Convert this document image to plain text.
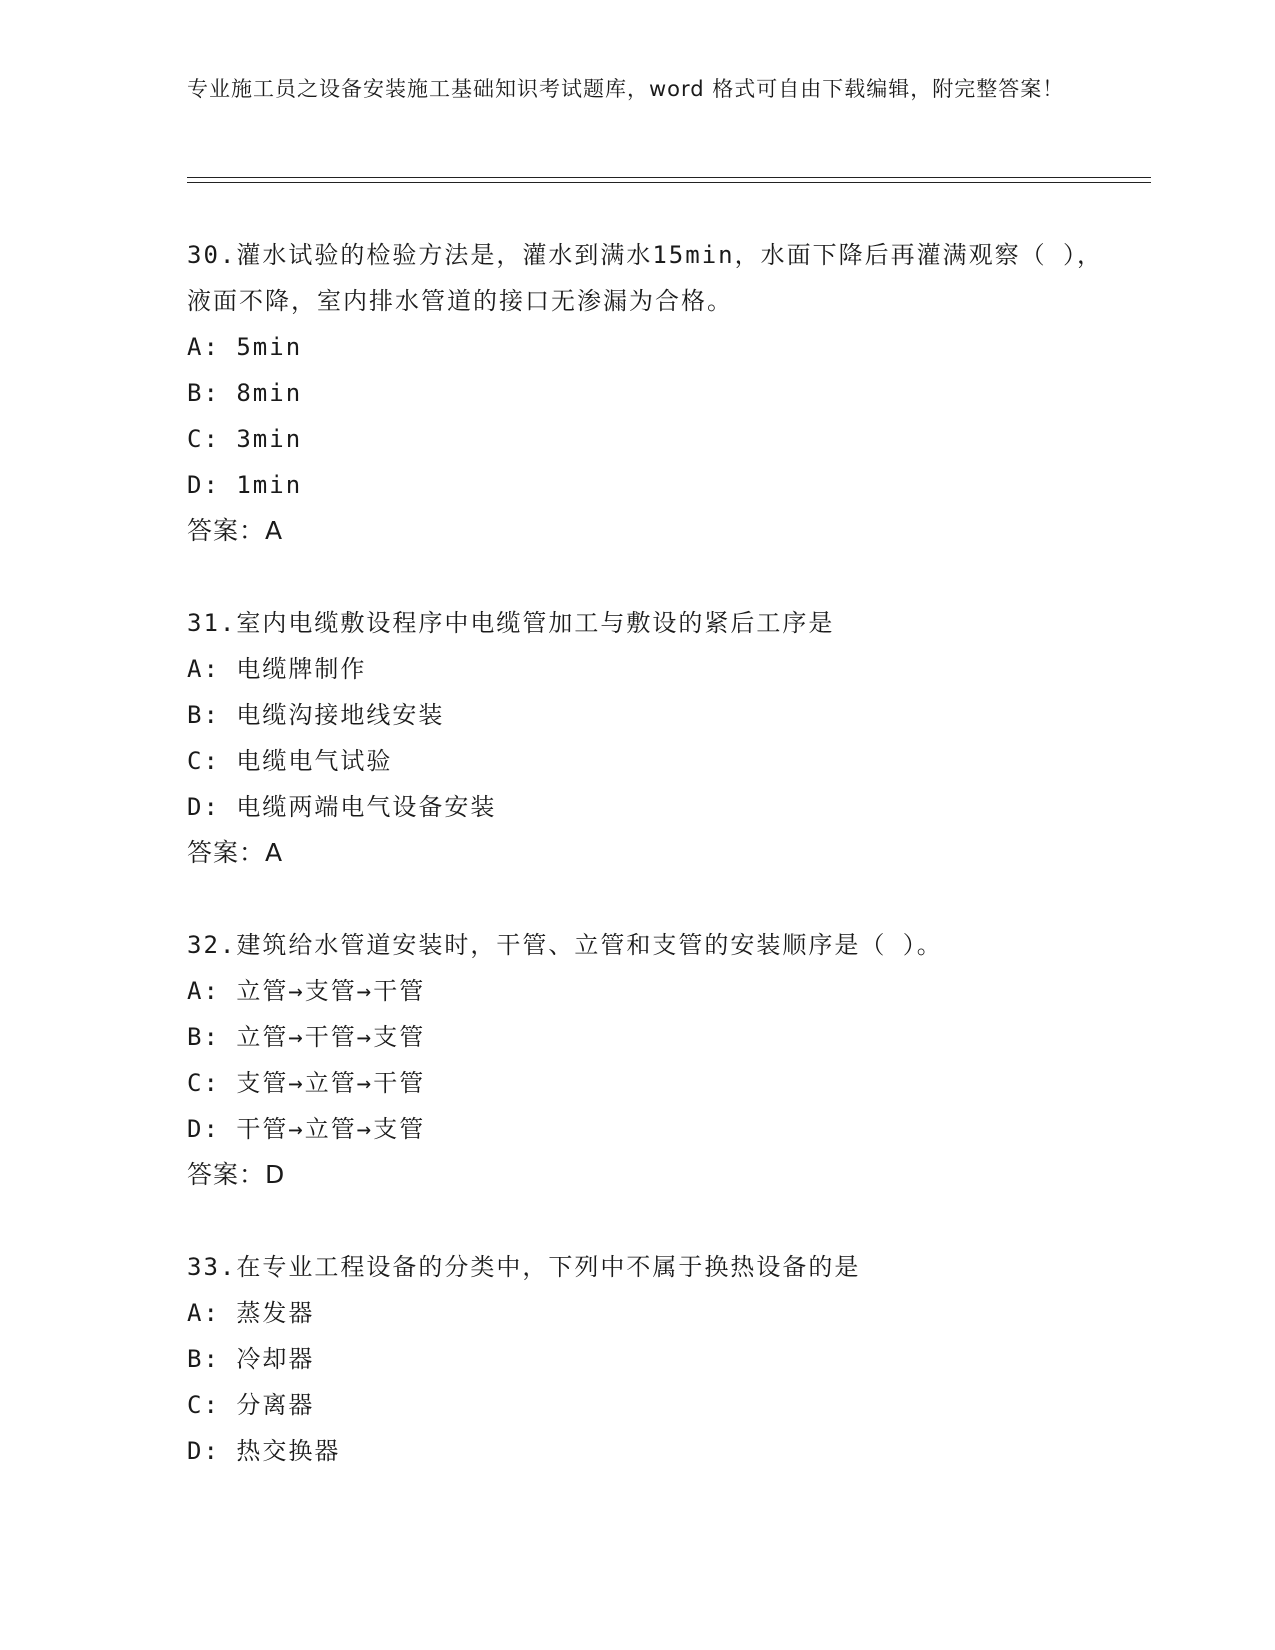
专业施工员之设备安装施工基础知识考试题库，word 格式可自由下载编辑，附完整答案！
30.灌水试验的检验方法是，灌水到满水15min，水面下降后再灌满观察（ ），液面不降，室内排水管道的接口无渗漏为合格。
A: 5min
B: 8min
C: 3min
D: 1min
答案：A
31.室内电缆敷设程序中电缆管加工与敷设的紧后工序是
A: 电缆牌制作
B: 电缆沟接地线安装
C: 电缆电气试验
D: 电缆两端电气设备安装
答案：A
32.建筑给水管道安装时，干管、立管和支管的安装顺序是（ ）。
A: 立管→支管→干管
B: 立管→干管→支管
C: 支管→立管→干管
D: 干管→立管→支管
答案：D
33.在专业工程设备的分类中，下列中不属于换热设备的是
A: 蒸发器
B: 冷却器
C: 分离器
D: 热交换器
